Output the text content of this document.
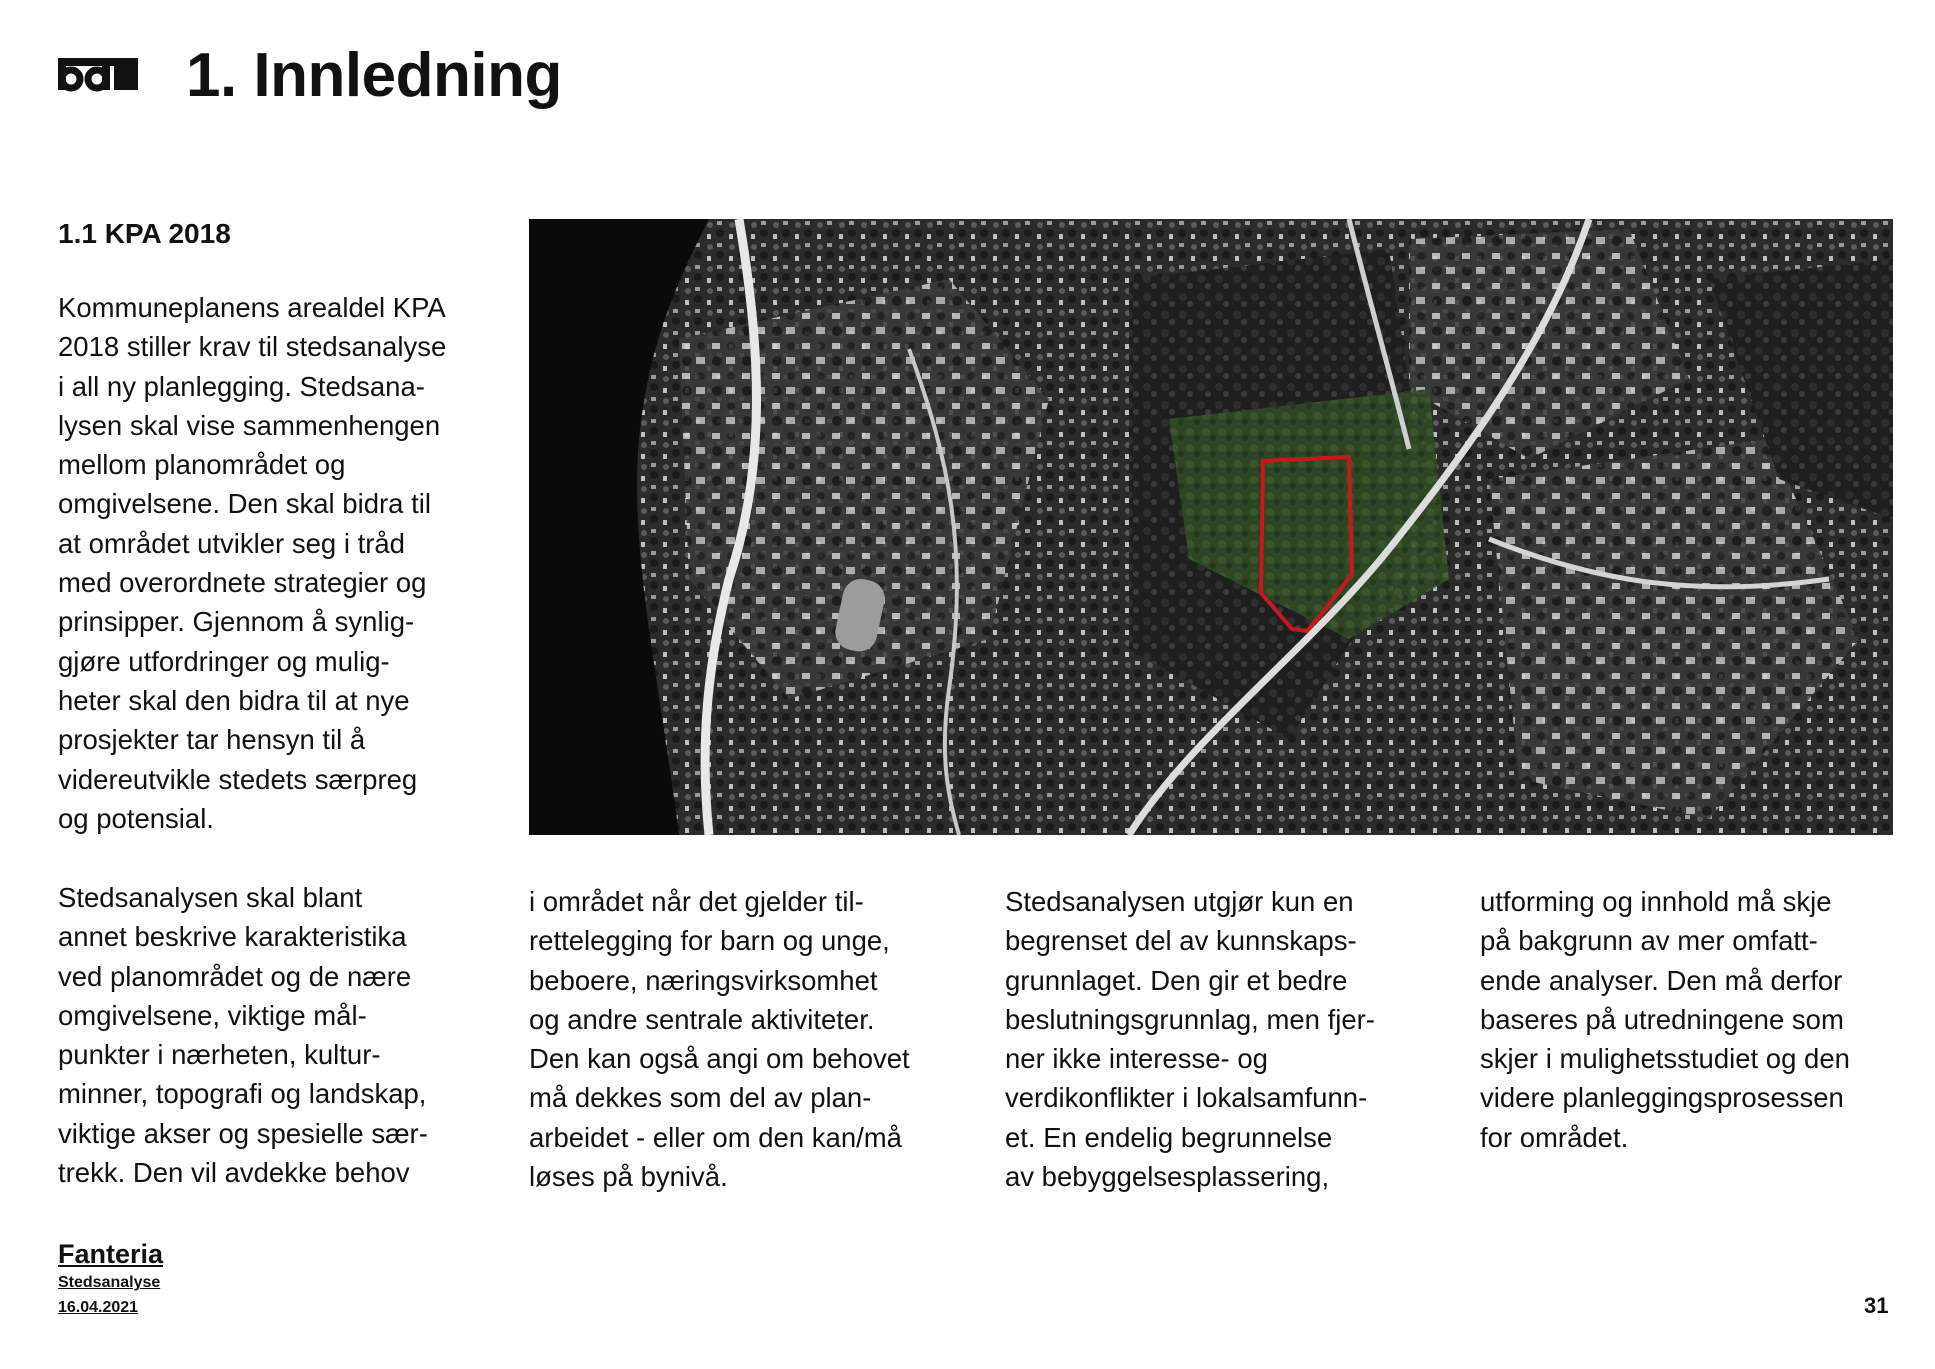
1. Innledning
1.1 KPA 2018

Kommuneplanens arealdel KPA
2018 stiller krav til stedsanalyse
i all ny planlegging. Stedsana-
lysen skal vise sammenhengen
mellom planområdet og
omgivelsene. Den skal bidra til
at området utvikler seg i tråd
med overordnete strategier og
prinsipper. Gjennom å synlig-
gjøre utfordringer og mulig-
heter skal den bidra til at nye
prosjekter tar hensyn til å
videreutvikle stedets særpreg
og potensial.

Stedsanalysen skal blant
annet beskrive karakteristika
ved planområdet og de nære
omgivelsene, viktige mål-
punkter i nærheten, kultur-
minner, topografi og landskap,
viktige akser og spesielle sær-
trekk. Den vil avdekke behov

i området når det gjelder til-
rettelegging for barn og unge,
beboere, næringsvirksomhet
og andre sentrale aktiviteter.
Den kan også angi om behovet
må dekkes som del av plan-
arbeidet - eller om den kan/må
løses på bynivå.

Stedsanalysen utgjør kun en
begrenset del av kunnskaps-
grunnlaget. Den gir et bedre
beslutningsgrunnlag, men fjer-
ner ikke interesse- og
verdikonflikter i lokalsamfunn-
et. En endelig begrunnelse
av bebyggelsesplassering,

utforming og innhold må skje
på bakgrunn av mer omfatt-
ende analyser. Den må derfor
baseres på utredningene som
skjer i mulighetsstudiet og den
videre planleggingsprosessen
for området.

Fanteria
Stedsanalyse
16.04.2021	31
